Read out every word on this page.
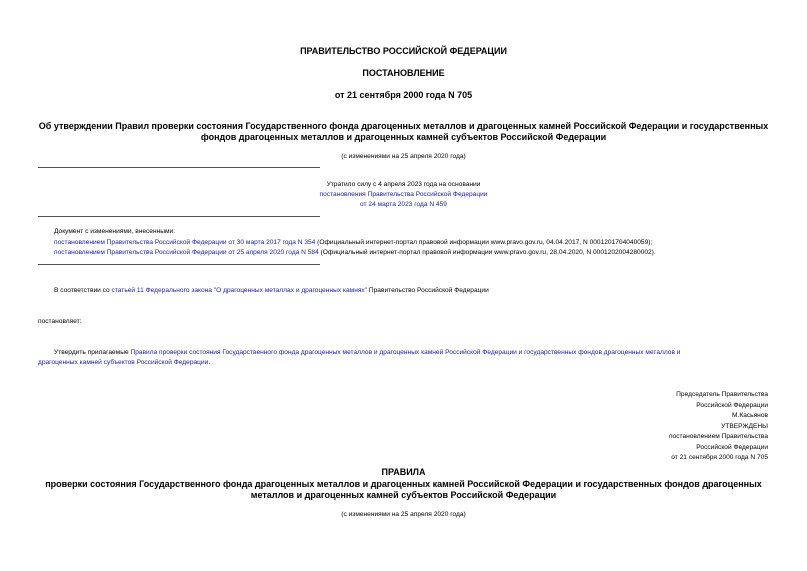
ПРАВИТЕЛЬСТВО РОССИЙСКОЙ ФЕДЕРАЦИИ
ПОСТАНОВЛЕНИЕ
от 21 сентября 2000 года N 705
Об утверждении Правил проверки состояния Государственного фонда драгоценных металлов и драгоценных камней Российской Федерации и государственных
фондов драгоценных металлов и драгоценных камней субъектов Российской Федерации
(с изменениями на 25 апреля 2020 года)
Утратило силу с 4 апреля 2023 года на основании
постановления Правительства Российской Федерации
от 24 марта 2023 года N 459
Документ с изменениями, внесенными:
постановлением Правительства Российской Федерации от 30 марта 2017 года N 354 (Официальный интернет-портал правовой информации www.pravo.gov.ru, 04.04.2017, N 0001201704040059);
постановлением Правительства Российской Федерации от 25 апреля 2020 года N 584 (Официальный интернет-портал правовой информации www.pravo.gov.ru, 28.04.2020, N 0001202004280002).
В соответствии со статьей 11 Федерального закона "О драгоценных металлах и драгоценных камнях" Правительство Российской Федерации
постановляет:
Утвердить прилагаемые Правила проверки состояния Государственного фонда драгоценных металлов и драгоценных камней Российской Федерации и государственных фондов драгоценных металлов и
драгоценных камней субъектов Российской Федерации.
Председатель Правительства
Российской Федерации
М.Касьянов
УТВЕРЖДЕНЫ
постановлением Правительства
Российской Федерации
от 21 сентября 2000 года N 705
ПРАВИЛА
проверки состояния Государственного фонда драгоценных металлов и драгоценных камней Российской Федерации и государственных фондов драгоценных
металлов и драгоценных камней субъектов Российской Федерации
(с изменениями на 25 апреля 2020 года)
